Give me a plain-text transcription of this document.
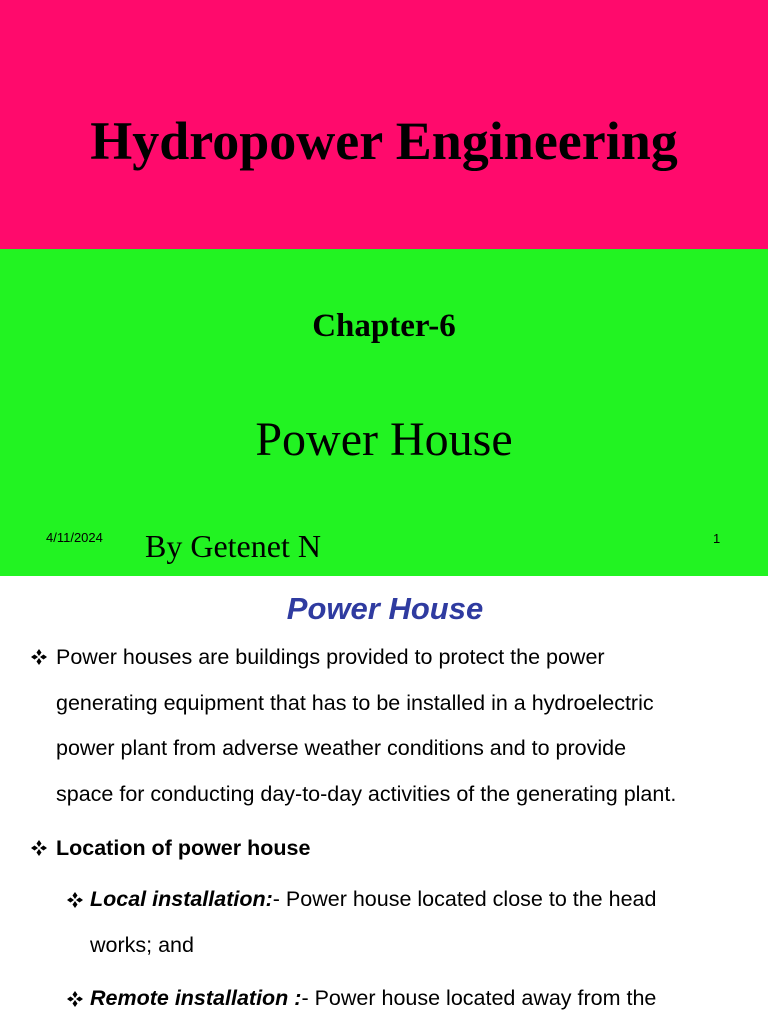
Hydropower Engineering
Chapter-6
Power House
4/11/2024 By Getenet N	1
Power House
Power houses are buildings provided to protect the power
generating equipment that has to be installed in a hydroelectric
power plant from adverse weather conditions and to provide
space for conducting day-to-day activities of the generating plant.
Location of power house
Local installation:- Power house located close to the head
works; and
Remote installation :- Power house located away from the
